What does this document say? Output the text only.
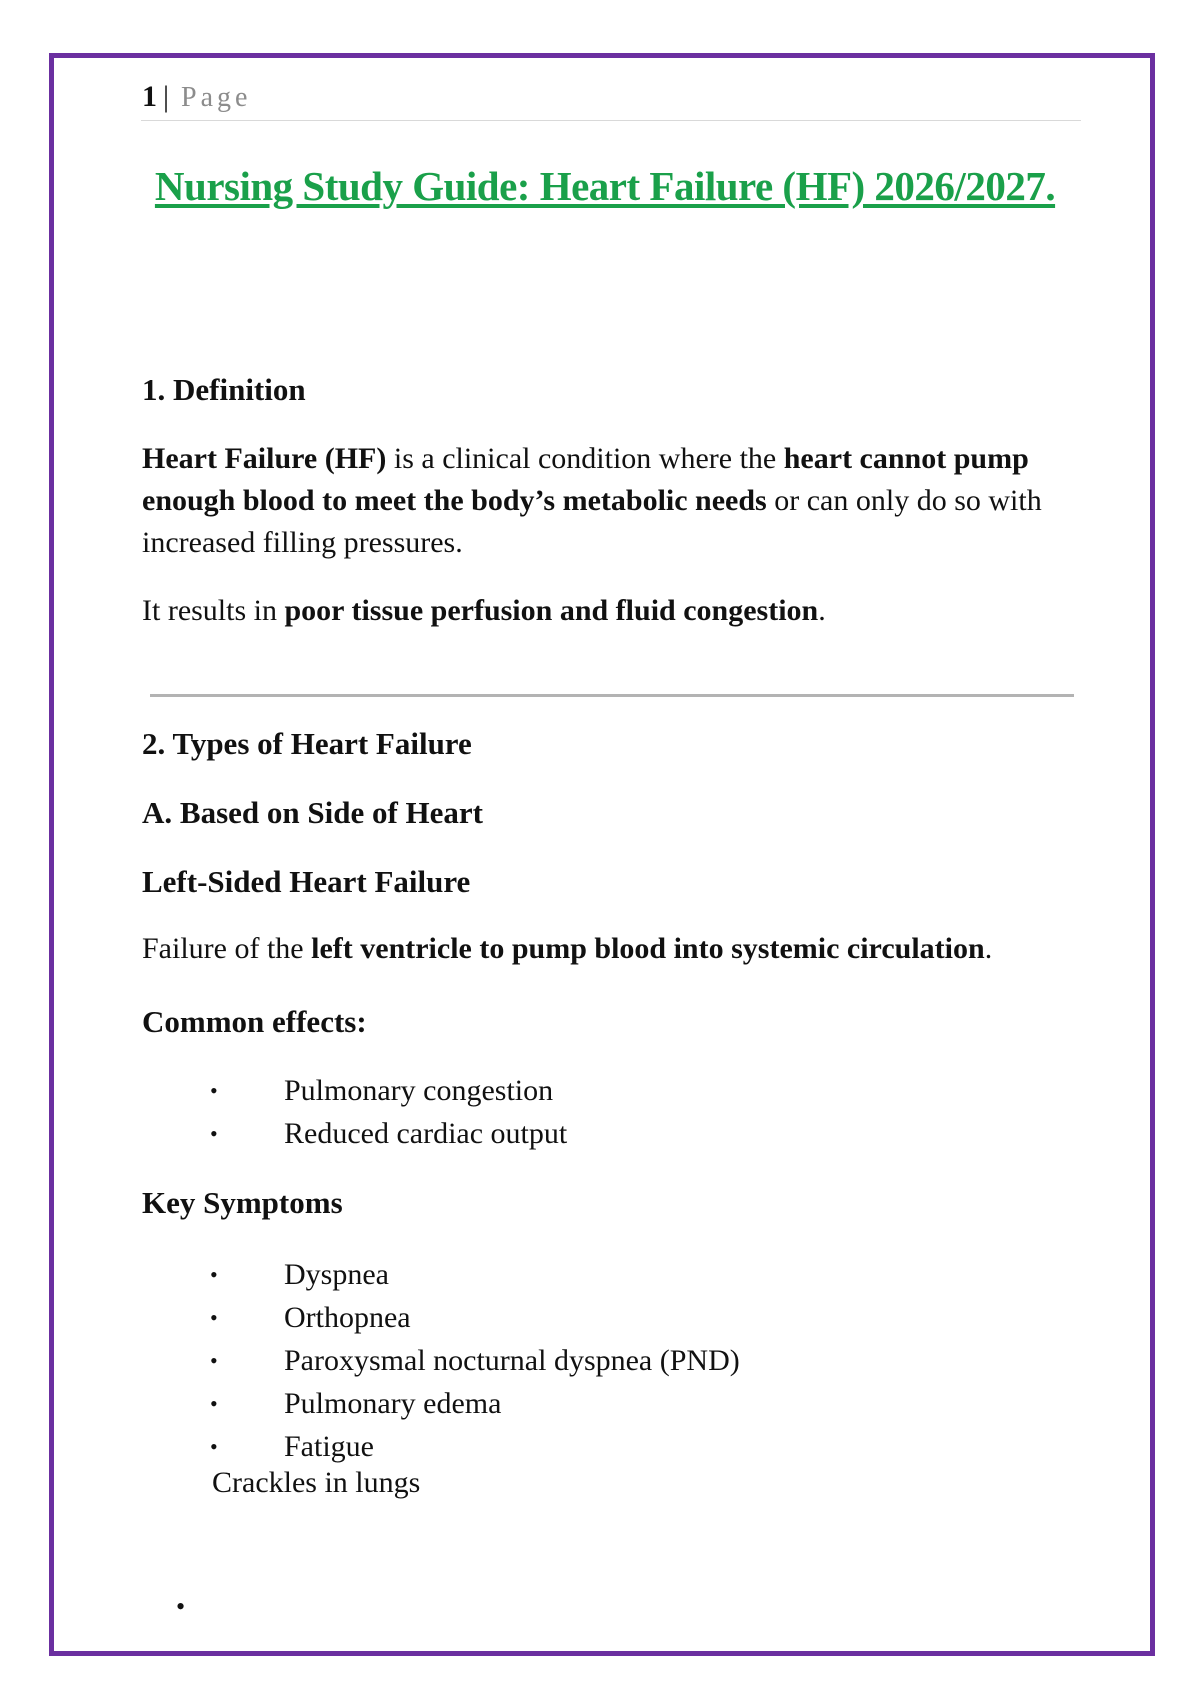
1 | Page
Nursing Study Guide: Heart Failure (HF) 2026/2027.
1. Definition
Heart Failure (HF) is a clinical condition where the heart cannot pump enough blood to meet the body’s metabolic needs or can only do so with increased filling pressures.
It results in poor tissue perfusion and fluid congestion.
2. Types of Heart Failure
A. Based on Side of Heart
Left-Sided Heart Failure
Failure of the left ventricle to pump blood into systemic circulation.
Common effects:
• Pulmonary congestion
• Reduced cardiac output
Key Symptoms
• Dyspnea
• Orthopnea
• Paroxysmal nocturnal dyspnea (PND)
• Pulmonary edema
• Fatigue
Crackles in lungs
•
